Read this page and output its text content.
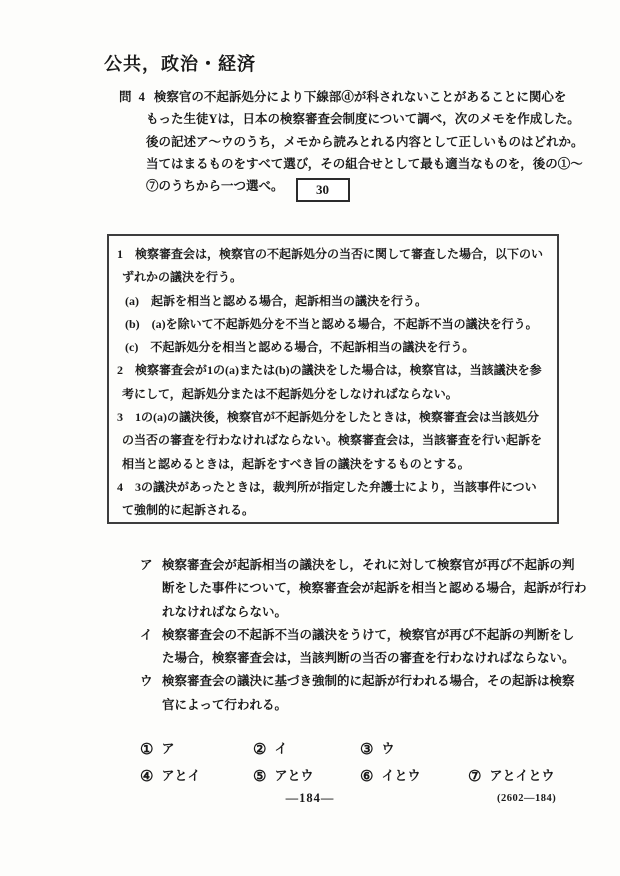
公共，政治・経済
問 4 検察官の不起訴処分により下線部ⓓが科されないことがあることに関心を
もった生徒Yは，日本の検察審査会制度について調べ，次のメモを作成した。
後の記述ア〜ウのうち，メモから読みとれる内容として正しいものはどれか。
当てはまるものをすべて選び，その組合せとして最も適当なものを，後の①〜
⑦のうちから一つ選べ。	30
1　検察審査会は，検察官の不起訴処分の当否に関して審査した場合，以下のい
ずれかの議決を行う。
(a)　起訴を相当と認める場合，起訴相当の議決を行う。
(b)　(a)を除いて不起訴処分を不当と認める場合，不起訴不当の議決を行う。
(c)　不起訴処分を相当と認める場合，不起訴相当の議決を行う。
2　検察審査会が1の(a)または(b)の議決をした場合は，検察官は，当該議決を参
考にして，起訴処分または不起訴処分をしなければならない。
3　1の(a)の議決後，検察官が不起訴処分をしたときは，検察審査会は当該処分
の当否の審査を行わなければならない。検察審査会は，当該審査を行い起訴を
相当と認めるときは，起訴をすべき旨の議決をするものとする。
4　3の議決があったときは，裁判所が指定した弁護士により，当該事件につい
て強制的に起訴される。
ア 検察審査会が起訴相当の議決をし，それに対して検察官が再び不起訴の判
断をした事件について，検察審査会が起訴を相当と認める場合，起訴が行わ
れなければならない。
イ 検察審査会の不起訴不当の議決をうけて，検察官が再び不起訴の判断をし
た場合，検察審査会は，当該判断の当否の審査を行わなければならない。
ウ 検察審査会の議決に基づき強制的に起訴が行われる場合，その起訴は検察
官によって行われる。
① ア	② イ	③ ウ
④ アとイ	⑤ アとウ	⑥ イとウ	⑦ アとイとウ
—184—	(2602—184)
